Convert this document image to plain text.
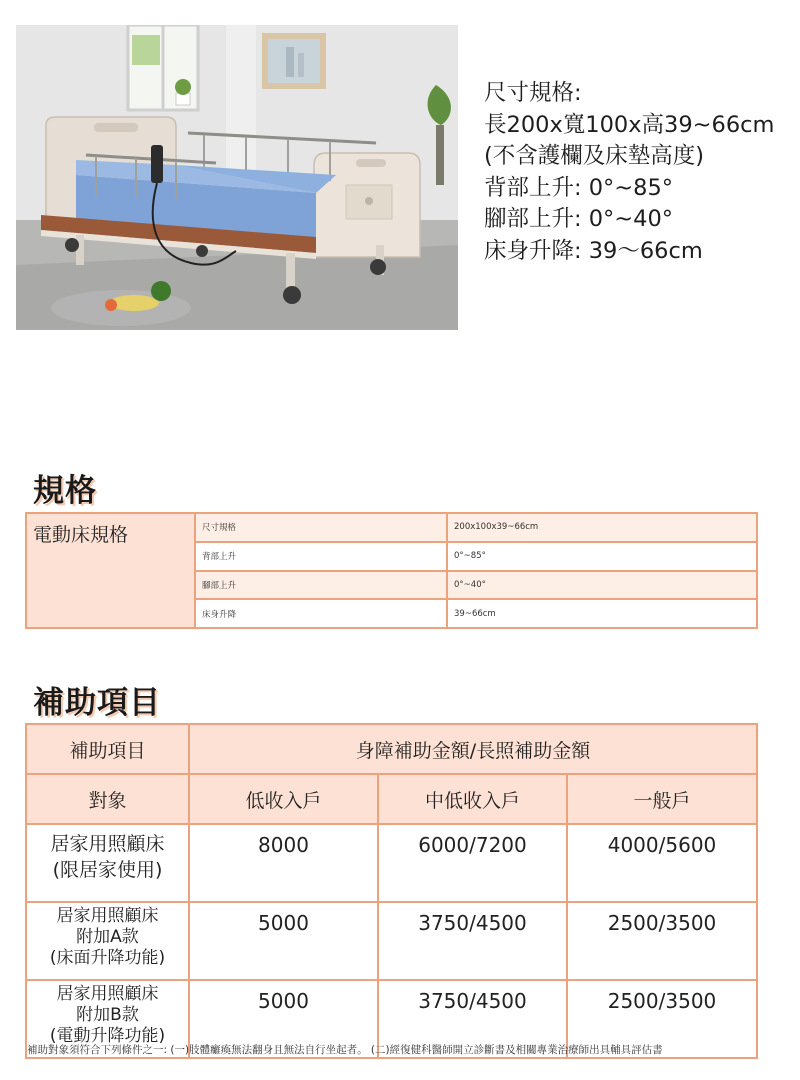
尺寸規格:
長200x寬100x高39~66cm
(不含護欄及床墊高度)
背部上升: 0°~85°
腳部上升: 0°~40°
床身升降: 39～66cm
規格
電動床規格	尺寸規格	200x100x39~66cm
	背部上升	0°~85°
	腳部上升	0°~40°
	床身升降	39~66cm
補助項目
補助項目	身障補助金額/長照補助金額		
對象	低收入戶	中低收入戶	一般戶

居家用照顧床
(限居家使用)	8000	6000/7200	4000/5600

居家用照顧床
附加A款
(床面升降功能)	5000	3750/4500	2500/3500

居家用照顧床
附加B款
(電動升降功能)	5000	3750/4500	2500/3500
補助對象須符合下列條件之一: (一)肢體癱瘓無法翻身且無法自行坐起者。 (二)經復健科醫師開立診斷書及相關專業治療師出具輔具評估書
